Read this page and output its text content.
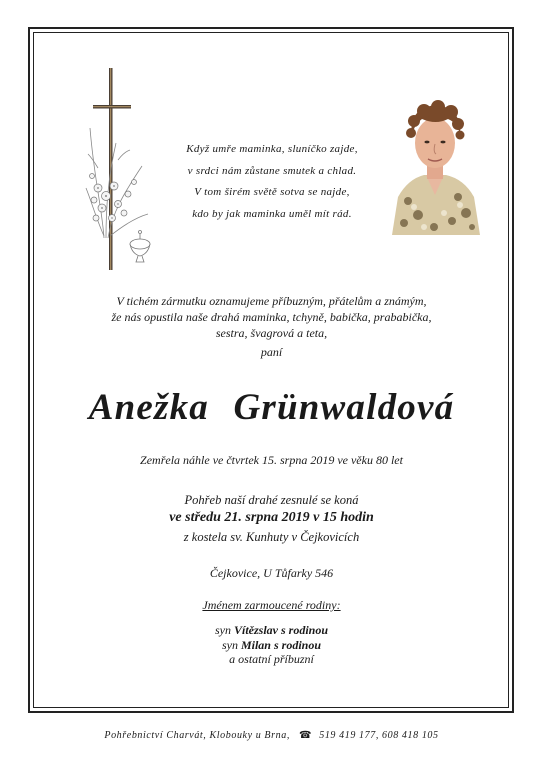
Když umře maminka, sluníčko zajde,
v srdci nám zůstane smutek a chlad.
V tom širém světě sotva se najde,
kdo by jak maminka uměl mít rád.
V tichém zármutku oznamujeme příbuzným, přátelům a známým,
že nás opustila naše drahá maminka, tchyně, babička, prababička,
sestra, švagrová a teta,
paní
Anežka Grünwaldová
Zemřela náhle ve čtvrtek 15. srpna 2019 ve věku 80 let
Pohřeb naší drahé zesnulé se koná
ve středu 21. srpna 2019 v 15 hodin
z kostela sv. Kunhuty v Čejkovicích
Čejkovice, U Tůfarky 546
Jménem zarmoucené rodiny:
syn Vítězslav s rodinou
syn Milan s rodinou
a ostatní příbuzní
Pohřebnictví Charvát, Klobouky u Brna, ☎ 519 419 177, 608 418 105
